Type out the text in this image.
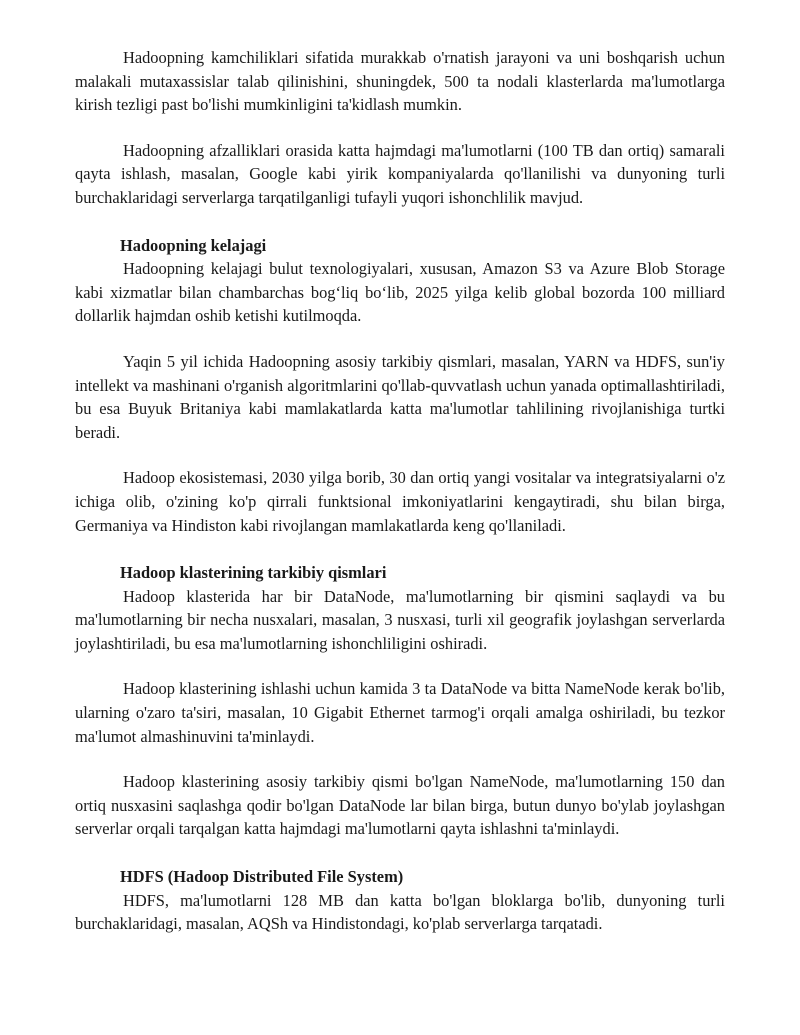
Hadoopning kamchiliklari sifatida murakkab o'rnatish jarayoni va uni boshqarish uchun malakali mutaxassislar talab qilinishini, shuningdek, 500 ta nodali klasterlarda ma'lumotlarga kirish tezligi past bo'lishi mumkinligini ta'kidlash mumkin.

Hadoopning afzalliklari orasida katta hajmdagi ma'lumotlarni (100 TB dan ortiq) samarali qayta ishlash, masalan, Google kabi yirik kompaniyalarda qo'llanilishi va dunyoning turli burchaklaridagi serverlarga tarqatilganligi tufayli yuqori ishonchlilik mavjud.

Hadoopning kelajagi

Hadoopning kelajagi bulut texnologiyalari, xususan, Amazon S3 va Azure Blob Storage kabi xizmatlar bilan chambarchas bog‘liq bo‘lib, 2025 yilga kelib global bozorda 100 milliard dollarlik hajmdan oshib ketishi kutilmoqda.

Yaqin 5 yil ichida Hadoopning asosiy tarkibiy qismlari, masalan, YARN va HDFS, sun'iy intellekt va mashinani o'rganish algoritmlarini qo'llab-quvvatlash uchun yanada optimallashtiriladi, bu esa Buyuk Britaniya kabi mamlakatlarda katta ma'lumotlar tahlilining rivojlanishiga turtki beradi.

Hadoop ekosistemasi, 2030 yilga borib, 30 dan ortiq yangi vositalar va integratsiyalarni o'z ichiga olib, o'zining ko'p qirrali funktsional imkoniyatlarini kengaytiradi, shu bilan birga, Germaniya va Hindiston kabi rivojlangan mamlakatlarda keng qo'llaniladi.

Hadoop klasterining tarkibiy qismlari

Hadoop klasterida har bir DataNode, ma'lumotlarning bir qismini saqlaydi va bu ma'lumotlarning bir necha nusxalari, masalan, 3 nusxasi, turli xil geografik joylashgan serverlarda joylashtiriladi, bu esa ma'lumotlarning ishonchliligini oshiradi.

Hadoop klasterining ishlashi uchun kamida 3 ta DataNode va bitta NameNode kerak bo'lib, ularning o'zaro ta'siri, masalan, 10 Gigabit Ethernet tarmog'i orqali amalga oshiriladi, bu tezkor ma'lumot almashinuvini ta'minlaydi.

Hadoop klasterining asosiy tarkibiy qismi bo'lgan NameNode, ma'lumotlarning 150 dan ortiq nusxasini saqlashga qodir bo'lgan DataNode lar bilan birga, butun dunyo bo'ylab joylashgan serverlar orqali tarqalgan katta hajmdagi ma'lumotlarni qayta ishlashni ta'minlaydi.

HDFS (Hadoop Distributed File System)

HDFS, ma'lumotlarni 128 MB dan katta bo'lgan bloklarga bo'lib, dunyoning turli burchaklaridagi, masalan, AQSh va Hindistondagi, ko'plab serverlarga tarqatadi.
